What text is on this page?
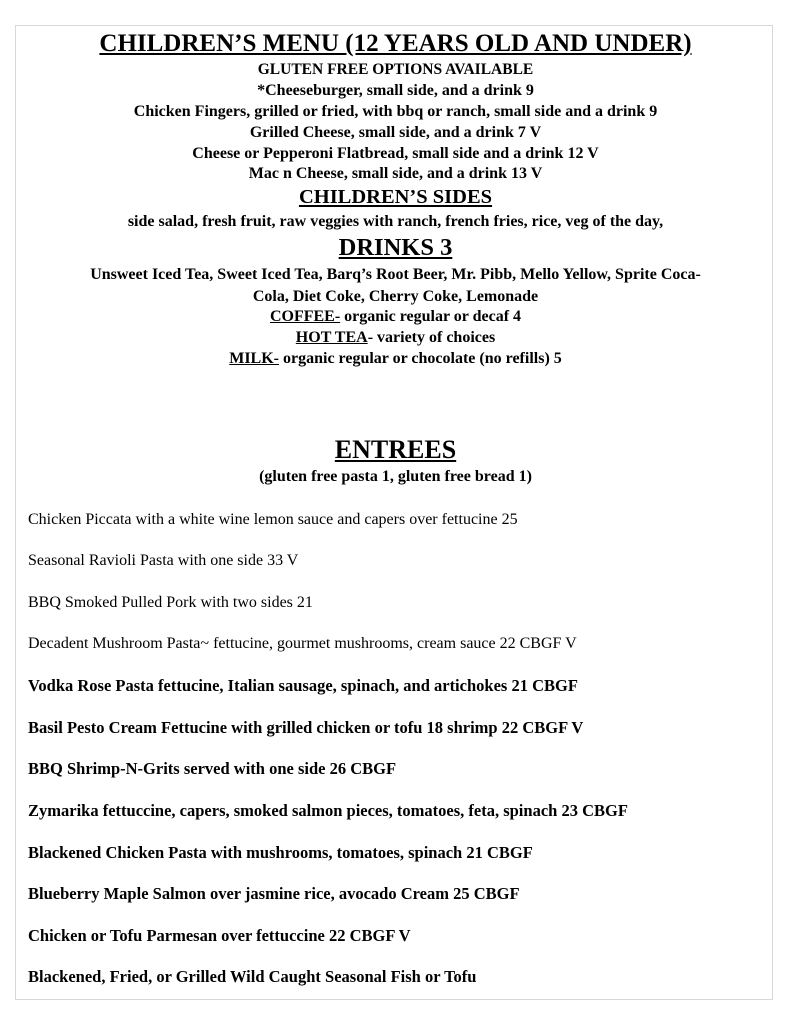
CHILDREN’S MENU (12 YEARS OLD AND UNDER)

GLUTEN FREE OPTIONS AVAILABLE

*Cheeseburger, small side, and a drink 9

Chicken Fingers, grilled or fried, with bbq or ranch, small side and a drink 9

Grilled Cheese, small side, and a drink 7 V

Cheese or Pepperoni Flatbread, small side and a drink 12 V

Mac n Cheese, small side, and a drink 13 V

CHILDREN’S SIDES

side salad, fresh fruit, raw veggies with ranch, french fries, rice, veg of the day,

DRINKS 3

Unsweet Iced Tea, Sweet Iced Tea, Barq’s Root Beer, Mr. Pibb, Mello Yellow, Sprite Coca-

Cola, Diet Coke, Cherry Coke, Lemonade

COFFEE- organic regular or decaf 4

HOT TEA- variety of choices

MILK- organic regular or chocolate (no refills) 5

ENTREES

(gluten free pasta 1, gluten free bread 1)

Chicken Piccata with a white wine lemon sauce and capers over fettucine 25

Seasonal Ravioli Pasta with one side 33 V

BBQ Smoked Pulled Pork with two sides 21

Decadent Mushroom Pasta~ fettucine, gourmet mushrooms, cream sauce 22 CBGF V

Vodka Rose Pasta fettucine, Italian sausage, spinach, and artichokes 21 CBGF

Basil Pesto Cream Fettucine with grilled chicken or tofu 18 shrimp 22 CBGF V

BBQ Shrimp-N-Grits served with one side 26 CBGF

Zymarika fettuccine, capers, smoked salmon pieces, tomatoes, feta, spinach 23 CBGF

Blackened Chicken Pasta with mushrooms, tomatoes, spinach 21 CBGF

Blueberry Maple Salmon over jasmine rice, avocado Cream 25 CBGF

Chicken or Tofu Parmesan over fettuccine 22 CBGF V

Blackened, Fried, or Grilled Wild Caught Seasonal Fish or Tofu
